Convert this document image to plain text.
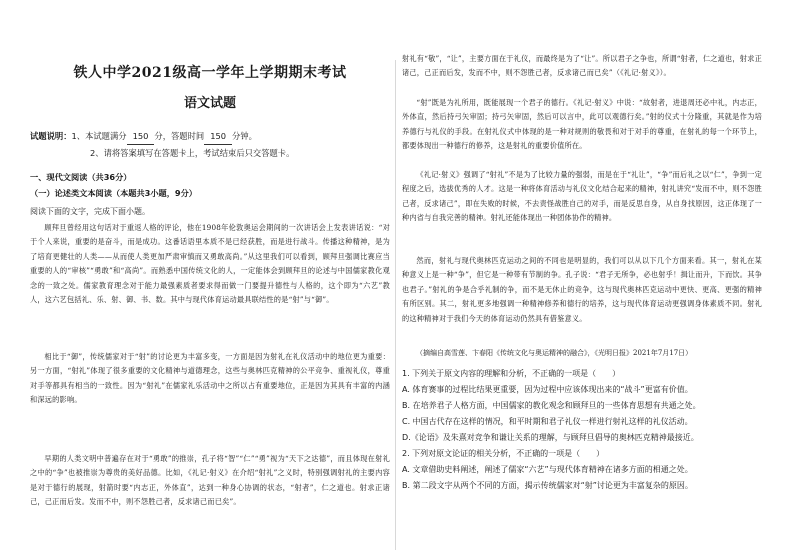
铁人中学2021级高一学年上学期期末考试
语文试题
试题说明：1、本试题满分 150 分，答题时间 150 分钟。
2、请将答案填写在答题卡上，考试结束后只交答题卡。
一、现代文阅读（共36分）
（一）论述类文本阅读（本题共3小题，9分）
阅读下面的文字，完成下面小题。

顾拜旦曾经用这句话对于重返人格的评论，他在1908年伦敦奥运会期间的一次讲话会上发表讲话说：“对于个人来说，重要的是奋斗，而是成功。这番话语里本质不是已经获胜，而是进行战斗。传播这种精神，是为了培育更健壮的人类——从而使人类更加严肃审慎而又勇敢高尚。”从这里我们可以看到，顾拜旦强调比赛应当重要的人的“审核”“勇敢”和“高尚”。而熟悉中国传统文化的人，一定能体会到顾拜旦的论述与中国儒家教化观念的一致之处。儒家教育理念对于能力最强素质者要求得而做一门要提升德性与人格的，这个即为“六艺”教人，这六艺包括礼、乐、射、御、书、数。其中与现代体育运动最具联结性的是“射”与“御”。

相比于“御”，传统儒家对于“射”的讨论更为丰富多变，一方面是因为射礼在礼仪活动中的地位更为重要：另一方面，“射礼”体现了很多重要的文化精神与道德理念，这些与奥林匹克精神的公平竞争、重视礼仪，尊重对手等都具有相当的一致性。因为“射礼”在儒家礼乐活动中之所以占有重要地位，正是因为其具有丰富的内涵和深远的影响。

早期的人类文明中普遍存在对于“勇敢”的推崇，孔子将“智”“仁”“勇”视为“天下之达德”，而且体现在射礼之中的“争”也被推崇为尊贵的美好品德。比如，《礼记·射义》在介绍“射礼”之义时，特别强调射礼的主要内容是对于德行的展现，射箭时要“内志正，外体直”，达到一种身心协调的状态，“射者”，仁之道也。射求正诸己，己正而后发。发而不中，则不怨胜己者，反求诸己而已矣”。

射礼有“敬”，“让”，主要方面在于礼仪，而最终是为了“让”。所以君子之争也，所谓“射者，仁之道也，射求正诸己，己正而后发，发而不中，则不怨胜己者，反求诸己而已矣”（《礼记·射义》）。

“射”既是为礼所用，既能展现一个君子的德行。《礼记·射义》中说：“故射者，进退周还必中礼，内志正，外体直，然后持弓矢审固；持弓矢审固，然后可以言中，此可以观德行矣。”射的仪式十分隆重，其就是作为培养德行与礼仪的手段。在射礼仪式中体现的是一种对规则的敬畏和对于对手的尊重，在射礼的每一个环节上，都要体现出一种德行的修养，这是射礼的重要价值所在。

《礼记·射义》强调了“射礼”不是为了比较力量的强弱，而是在于“礼让”，“争”而后礼之以“仁”，争到一定程度之后，选拔优秀的人才。这是一种将体育活动与礼仪文化结合起来的精神，射礼讲究“发而不中，则不怨胜己者，反求诸己”，即在失败的时候，不去责怪战胜自己的对手，而是反思自身，从自身找原因，这正体现了一种内省与自我完善的精神。射礼还能体现出一种团体协作的精神。

然而，射礼与现代奥林匹克运动之间的不同也是明显的，我们可以从以下几个方面来看。其一，射礼在某种意义上是一种“争”，但它是一种带有节制的争。孔子说：“君子无所争，必也射乎！揖让而升，下而饮。其争也君子。”射礼的争是合乎礼制的争，而不是无休止的竞争，这与现代奥林匹克运动中更快、更高、更强的精神有所区别。其二，射礼更多地强调一种精神修养和德行的培养，这与现代体育运动更强调身体素质不同。射礼的这种精神对于我们今天的体育运动仍然具有借鉴意义。

（摘编自高雪莲、卞春阳《传统文化与奥运精神的融合》，《光明日报》2021年7月17日）
1. 下列关于原文内容的理解和分析，不正确的一项是（　　）
A. 体育赛事的过程比结果更重要，因为过程中应该体现出来的“战斗”更富有价值。
B. 在培养君子人格方面，中国儒家的教化观念和顾拜旦的一些体育思想有共通之处。
C. 中国古代存在这样的情况，和平时期和君子礼仪一样进行射礼这样的礼仪活动。
D.《论语》及朱熹对竞争和谦让关系的理解，与顾拜旦倡导的奥林匹克精神最接近。
2. 下列对原文论证的相关分析，不正确的一项是（　　）
A. 文章借助史料阐述，阐述了儒家“六艺”与现代体育精神在诸多方面的相通之处。
B. 第二段文字从两个不同的方面，揭示传统儒家对“射”讨论更为丰富复杂的原因。
